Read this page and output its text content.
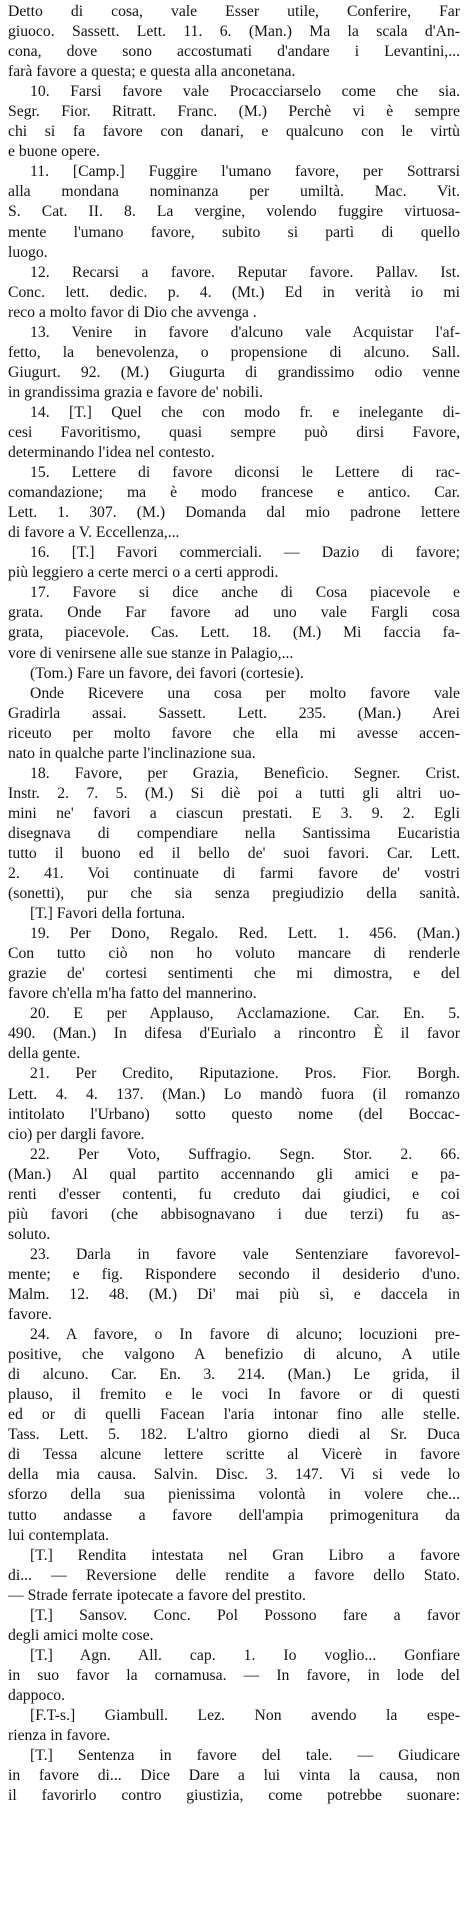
Detto di cosa, vale Esser utile, Conferire, Far
giuoco. Sassett. Lett. 11. 6. (Man.) Ma la scala d'An-
cona, dove sono accostumati d'andare i Levantini,...
farà favore a questa; e questa alla anconetana.
10. Farsi favore vale Procacciarselo come che sia.
Segr. Fior. Ritratt. Franc. (M.) Perchè vi è sempre
chi si fa favore con danari, e qualcuno con le virtù
e buone opere.
11. [Camp.] Fuggire l'umano favore, per Sottrarsi
alla mondana nominanza per umiltà. Mac. Vit.
S. Cat. II. 8. La vergine, volendo fuggire virtuosa-
mente l'umano favore, subito si partì di quello
luogo.
12. Recarsi a favore. Reputar favore. Pallav. Ist.
Conc. lett. dedic. p. 4. (Mt.) Ed in verità io mi
reco a molto favor di Dio che avvenga .
13. Venire in favore d'alcuno vale Acquistar l'af-
fetto, la benevolenza, o propensione di alcuno. Sall.
Giugurt. 92. (M.) Giugurta di grandissimo odio venne
in grandissima grazia e favore de' nobili.
14. [T.] Quel che con modo fr. e inelegante di-
cesi Favoritismo, quasi sempre può dirsi Favore,
determinando l'idea nel contesto.
15. Lettere di favore diconsi le Lettere di rac-
comandazione; ma è modo francese e antico. Car.
Lett. 1. 307. (M.) Domanda dal mio padrone lettere
di favore a V. Eccellenza,...
16. [T.] Favori commerciali. — Dazio di favore;
più leggiero a certe merci o a certi approdi.
17. Favore si dice anche di Cosa piacevole e
grata. Onde Far favore ad uno vale Fargli cosa
grata, piacevole. Cas. Lett. 18. (M.) Mi faccia fa-
vore di venirsene alle sue stanze in Palagio,...
(Tom.) Fare un favore, dei favori (cortesie).
Onde Ricevere una cosa per molto favore vale
Gradirla assai. Sassett. Lett. 235. (Man.) Arei
riceuto per molto favore che ella mi avesse accen-
nato in qualche parte l'inclinazione sua.
18. Favore, per Grazia, Benefìcio. Segner. Crist.
Instr. 2. 7. 5. (M.) Si diè poi a tutti gli altri uo-
mini ne' favori a ciascun prestati. E 3. 9. 2. Egli
disegnava di compendiare nella Santissima Eucaristia
tutto il buono ed il bello de' suoi favori. Car. Lett.
2. 41. Voi continuate di farmi favore de' vostri
(sonetti), pur che sia senza pregiudizio della sanità.
[T.] Favori della fortuna.
19. Per Dono, Regalo. Red. Lett. 1. 456. (Man.)
Con tutto ciò non ho voluto mancare di renderle
grazie de' cortesi sentimenti che mi dimostra, e del
favore ch'ella m'ha fatto del mannerino.
20. E per Applauso, Acclamazione. Car. En. 5.
490. (Man.) In difesa d'Eurìalo a rincontro È il favor
della gente.
21. Per Credito, Riputazione. Pros. Fior. Borgh.
Lett. 4. 4. 137. (Man.) Lo mandò fuora (il romanzo
intitolato l'Urbano) sotto questo nome (del Boccac-
cio) per dargli favore.
22. Per Voto, Suffragio. Segn. Stor. 2. 66.
(Man.) Al qual partito accennando gli amici e pa-
renti d'esser contenti, fu creduto dai giudici, e coi
più favori (che abbisognavano i due terzi) fu as-
soluto.
23. Darla in favore vale Sentenziare favorevol-
mente; e fig. Rispondere secondo il desiderio d'uno.
Malm. 12. 48. (M.) Di' mai più sì, e daccela in
favore.
24. A favore, o In favore di alcuno; locuzioni pre-
positive, che valgono A benefizio di alcuno, A utile
di alcuno. Car. En. 3. 214. (Man.) Le grida, il
plauso, il fremito e le voci In favore or di questi
ed or di quelli Facean l'aria intonar fino alle stelle.
Tass. Lett. 5. 182. L'altro giorno diedi al Sr. Duca
di Tessa alcune lettere scritte al Vicerè in favore
della mia causa. Salvin. Disc. 3. 147. Vi si vede lo
sforzo della sua pienissima volontà in volere che...
tutto andasse a favore dell'ampia primogenitura da
lui contemplata.
[T.] Rendita intestata nel Gran Libro a favore
di... — Reversione delle rendite a favore dello Stato.
— Strade ferrate ipotecate a favore del prestito.
[T.] Sansov. Conc. Pol Possono fare a favor
degli amici molte cose.
[T.] Agn. All. cap. 1. Io voglio... Gonfiare
in suo favor la cornamusa. — In favore, in lode del
dappoco.
[F.T-s.] Giambull. Lez. Non avendo la espe-
rienza in favore.
[T.] Sentenza in favore del tale. — Giudicare
in favore di... Dice Dare a lui vinta la causa, non
il favorirlo contro giustizia, come potrebbe suonare:
